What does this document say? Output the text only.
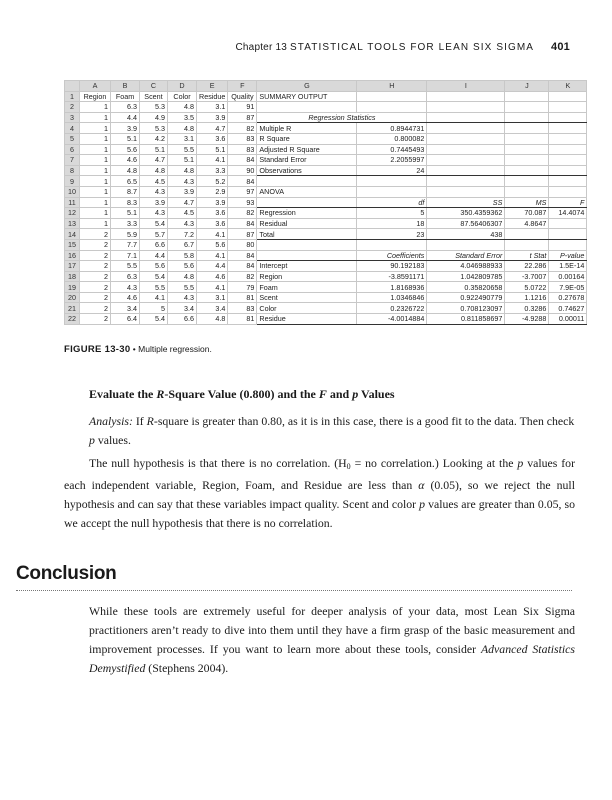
Chapter 13 STATISTICAL TOOLS FOR LEAN SIX SIGMA 401
	A	B	C	D	E	F	G	H	I	J	K
1	Region	Foam	Scent	Color	Residue	Quality	SUMMARY OUTPUT				
2	1	6.3	5.3	4.8	3.1	91					
3	1	4.4	4.9	3.5	3.9	87	Regression Statistics				
4	1	3.9	5.3	4.8	4.7	82	Multiple R	0.8944731			
5	1	5.1	4.2	3.1	3.6	83	R Square	0.800082			
6	1	5.6	5.1	5.5	5.1	83	Adjusted R Square	0.7445493			
7	1	4.6	4.7	5.1	4.1	84	Standard Error	2.2055997			
8	1	4.8	4.8	4.8	3.3	90	Observations	24			
9	1	6.5	4.5	4.3	5.2	84					
10	1	8.7	4.3	3.9	2.9	97	ANOVA				
11	1	8.3	3.9	4.7	3.9	93		df	SS	MS	F
12	1	5.1	4.3	4.5	3.6	82	Regression	5	350.4359362	70.087	14.4074
13	1	3.3	5.4	4.3	3.6	84	Residual	18	87.56406307	4.8647	
14	2	5.9	5.7	7.2	4.1	87	Total	23	438		
15	2	7.7	6.6	6.7	5.6	80					
16	2	7.1	4.4	5.8	4.1	84		Coefficients	Standard Error	t Stat	P-value
17	2	5.5	5.6	5.6	4.4	84	Intercept	90.192183	4.046988933	22.286	1.5E-14
18	2	6.3	5.4	4.8	4.6	82	Region	-3.8591171	1.042809785	-3.7007	0.00164
19	2	4.3	5.5	5.5	4.1	79	Foam	1.8168936	0.35820658	5.0722	7.9E-05
20	2	4.6	4.1	4.3	3.1	81	Scent	1.0346846	0.922490779	1.1216	0.27678
21	2	3.4	5	3.4	3.4	83	Color	0.2326722	0.708123097	0.3286	0.74627
22	2	6.4	5.4	6.6	4.8	81	Residue	-4.0014884	0.811858697	-4.9288	0.00011
FIGURE 13-30 • Multiple regression.
Evaluate the R-Square Value (0.800) and the F and p Values
Analysis: If R-square is greater than 0.80, as it is in this case, there is a good fit to the data. Then check p values.
The null hypothesis is that there is no correlation. ($H_0$ = no correlation.) Looking at the p values for each independent variable, Region, Foam, and Residue are less than α (0.05), so we reject the null hypothesis and can say that these variables impact quality. Scent and color p values are greater than 0.05, so we accept the null hypothesis that there is no correlation.
Conclusion
While these tools are extremely useful for deeper analysis of your data, most Lean Six Sigma practitioners aren’t ready to dive into them until they have a firm grasp of the basic measurement and improvement processes. If you want to learn more about these tools, consider Advanced Statistics Demystified (Stephens 2004).
